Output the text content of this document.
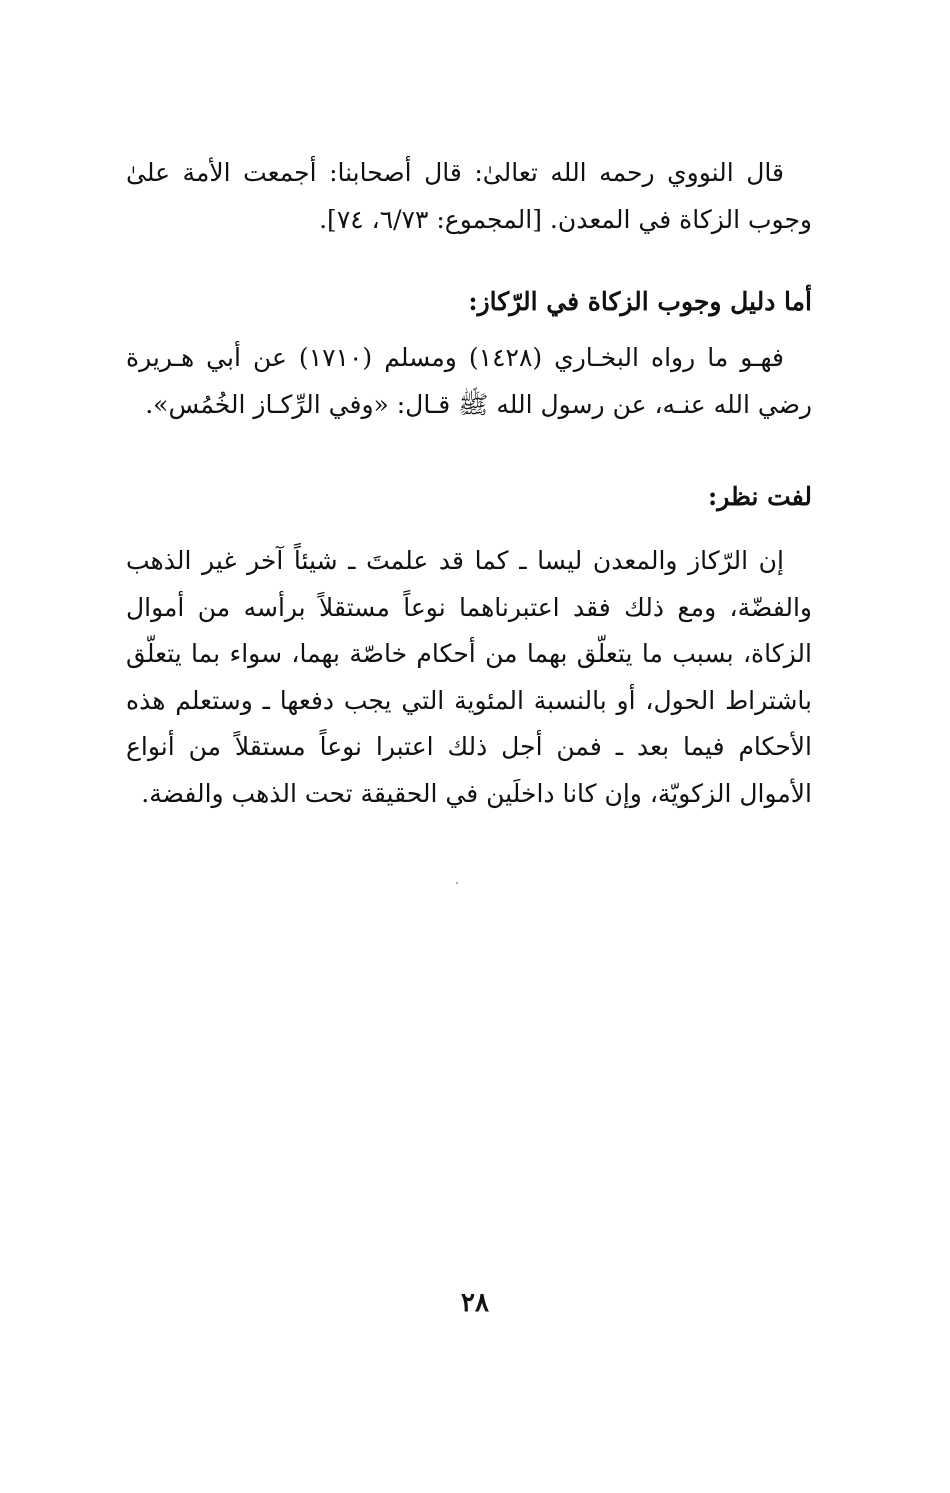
قال النووي رحمه الله تعالىٰ: قال أصحابنا: أجمعت الأمة علىٰ وجوب الزكاة في المعدن. [المجموع: ٦/٧٣، ٧٤].

أما دليل وجوب الزكاة في الرّكاز:

فهـو ما رواه البخـاري (١٤٢٨) ومسلم (١٧١٠) عن أبي هـريرة رضي الله عنـه، عن رسول الله ﷺ قـال: «وفي الرِّكـاز الخُمُس».

لفت نظر:

إن الرّكاز والمعدن ليسا ـ كما قد علمتَ ـ شيئاً آخر غير الذهب والفضّة، ومع ذلك فقد اعتبرناهما نوعاً مستقلاً برأسه من أموال الزكاة، بسبب ما يتعلّق بهما من أحكام خاصّة بهما، سواء بما يتعلّق باشتراط الحول، أو بالنسبة المئوية التي يجب دفعها ـ وستعلم هذه الأحكام فيما بعد ـ فمن أجل ذلك اعتبرا نوعاً مستقلاً من أنواع الأموال الزكويّة، وإن كانا داخلَين في الحقيقة تحت الذهب والفضة.

٢٨
